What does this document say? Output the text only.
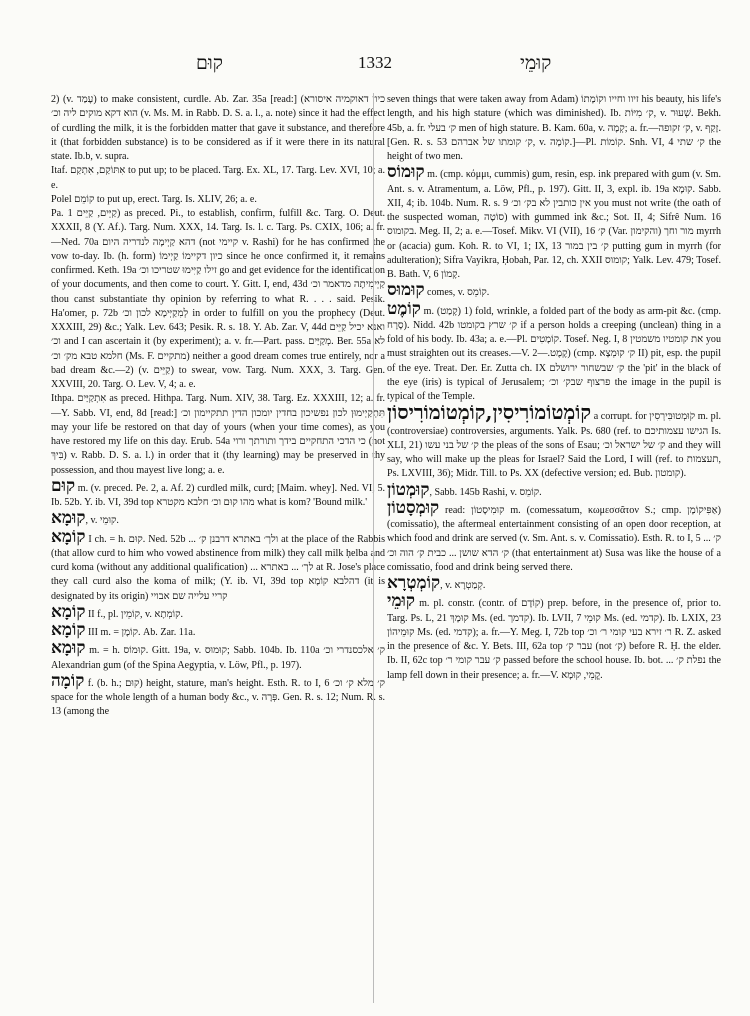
קוּם	1332	קוּמֵי

2) (v. עָמַד) to make consistent, curdle. Ab. Zar. 35a [read:] (כיון דאוקמיה איסורא הוא דקא מוקים ליה וכ׳ (v. Ms. M. in Rabb. D. S. a. l., a. note) since it had the effect of curdling the milk, it is the forbidden matter that gave it substance, and therefore it (that forbidden substance) is to be considered as if it were there in its natural state. Ib.b, v. supra.

Itaf. אִתּוֹקַם, אִתְקַם to put up; to be placed. Targ. Ex. XL, 17. Targ. Lev. XVI, 10; a. e.

Polel קוֹמֵם to put up, erect. Targ. Is. XLIV, 26; a. e.

Pa. קַיֵּים, קַיֵּים 1) as preced. Pi., to establish, confirm, fulfill &c. Targ. O. Deut. XXXII, 8 (Y. Af.). Targ. Num. XXX, 14. Targ. Is. l. c. Targ. Ps. CXIX, 106; a. fr.—Ned. 70a דהא קַיְימָה לנדריה היום (not קיימי v. Rashi) for he has confirmed the vow to-day. Ib. (h. form) כיון דקיימוֹ קַיְימוֹ since he once confirmed it, it remains confirmed. Keth. 19a זילו קַיִּימוּ שטריכו וכ׳ go and get evidence for the identification of your documents, and then come to court. Y. Gitt. I, end, 43d קַיְימִיתָה מדאמר וכ׳ thou canst substantiate thy opinion by referring to what R. . . . said. Pesik. Ha'omer, p. 72b לְמִקַיְּימָא לכון וכ׳ in order to fulfill on you the prophecy (Deut. XXXIII, 29) &c.; Yalk. Lev. 643; Pesik. R. s. 18. Y. Ab. Zar. V, 44d ואנא יכיל קַיֵּים וכ׳ and I can ascertain it (by experiment); a. v. fr.—Part. pass. מְקַיַּים. Ber. 55a לא חלמא טבא מק׳ וכ׳ (Ms. F. מתקיים) neither a good dream comes true entirely, nor a bad dream &c.—2) (v. קַיֵּים) to swear, vow. Targ. Num. XXX, 3. Targ. Gen. XXVIII, 20. Targ. O. Lev. V, 4; a. e.

Ithpa. אִתְקַיַּים as preced. Hithpa. Targ. Num. XIV, 38. Targ. Ez. XXXIII, 12; a. fr.—Y. Sabb. VI, end, 8d [read:] תִּתְקַיְימוּן לכון נפשיכון בחדין יומכון הדין תתקיימון וכ׳ may your life be restored on that day of yours (when your time comes), as you have restored my life on this day. Erub. 54a כי הדכי התחקיים בידך ותורתך ורוי (not בִּיךְ) v. Rabb. D. S. a. l.) in order that it (thy learning) may be preserved in thy possession, and thou mayest live long; a. e.

קוּם m. (v. preced. Pe. 2, a. Af. 2) curdled milk, curd; [Maim. whey]. Ned. VI, 5. Ib. 52b. Y. ib. VI, 39d top מהו קוּם וכ׳ חלבא מקטרא what is kom? 'Bound milk.'

קוּמָא, v. קוּמֵי.

קוֹמָא I ch. = h. קוּם. Ned. 52b ... ולך׳ באתרא דרבנן ק׳ at the place of the Rabbis (that allow curd to him who vowed abstinence from milk) they call milk ḥelba and curd koma (without any additional qualification) ... לך׳ ... באתרא at R. Jose's place they call curd also the koma of milk; (Y. ib. VI, 39d top דהלבא קוֹמָא (it is designated by its origin) קריי עלייה שם אבויי

קוֹמָא II f., pl. קוֹמֵין, v. קוֹמְתָא.

קוֹמָא III m. = קוֹמָן. Ab. Zar. 11a.

קוּמָא m. = h. קוּמוֹס. Gitt. 19a, v. קוּמוּס; Sabb. 104b. Ib. 110a ק׳ אלכסנדרי וכ׳ Alexandrian gum (of the Spina Aegyptia, v. Löw, Pfl., p. 197).

קוֹמָה f. (b. h.; קוּם) height, stature, man's height. Esth. R. to I, 6 ק׳ מלא ק׳ וכ׳ space for the whole length of a human body &c., v. פְּרָה. Gen. R. s. 12; Num. R. s. 13 (among the

seven things that were taken away from Adam) זיוו וחייו וקוֹמָתוֹ his beauty, his life's length, and his high stature (which was diminished). Ib. ק׳ מִיּוֹת, v. שְׁעוּר. Bekh. 45b, a. fr. ק׳ בעלי men of high stature. B. Kam. 60a, v. קְמָה; a. fr.—ק׳ זקופה, v. זָקַף. [Gen. R. s. 53 ק׳ קומתו של אברהם, v. קוֹמָה.]—Pl. קוֹמוֹת. Snh. VI, 4 ק׳ שתי the height of two men.

קוּמוֹס m. (cmp. κόμμι, cummis) gum, resin, esp. ink prepared with gum (v. Sm. Ant. s. v. Atramentum, a. Löw, Pfl., p. 197). Gitt. II, 3, expl. ib. 19a קוּמָא. Sabb. XII, 4; ib. 104b. Num. R. s. 9 אין כותבין לא בק׳ וכ׳ you must not write (the oath of the suspected woman, סוֹטָה) with gummed ink &c.; Sot. II, 4; Sifrê Num. 16 בקומוס. Meg. II, 2; a. e.—Tosef. Mikv. VI (VII), 16 ק׳ (Var. והקימון) מור וחך myrrh or (acacia) gum. Koh. R. to VI, 1; IX, 13 ק׳ בין במור putting gum in myrrh (for adulteration); Sifra Vayikra, Ḥobah, Par. 12, ch. XXII קומוס; Yalk. Lev. 479; Tosef. B. Bath. V, 6 קָמוֹן.

קוּמוּס comes, v. קוֹמֵס.

קוֹמֶט m. (קָמַט) 1) fold, wrinkle, a folded part of the body as arm-pit &c. (cmp. סָרָח). Nidd. 42b ק׳ שרץ בקומטו if a person holds a creeping (unclean) thing in a fold of his body. Ib. 43a; a. e.—Pl. קוֹמָטִים. Tosef. Neg. I, 8 את קומטיו משמטין you must straighten out its creases.—V. קֶמֶט.—2) (cmp. ק׳ קוּמְצָא II) pit, esp. the pupil of the eye. Treat. Der. Er. Zutta ch. IX ק׳ שבשחור ירושלם the 'pit' in the black of the eye (iris) is typical of Jerusalem; פרצוף שבק׳ וכ׳ the image in the pupil is typical of the Temple.

קוֹמְטוֹמוֹרִיסִין,קוֹמְטוֹמוֹרִיסוֹן a corrupt. for קֹוּמְטוּבִּירְסִין m. pl. (controversiae) controversies, arguments. Yalk. Ps. 680 (ref. to הגישו עצמותיכם Is. XLI, 21) ק׳ של בני עשו the pleas of the sons of Esau; ק׳ של ישראל וכ׳ and they will say, who will make up the pleas for Israel? Said the Lord, I will (ref. to תעצמות, Ps. LXVIII, 36); Midr. Till. to Ps. XX (defective version; ed. Bub. קומטון).

קוּמְטוֹן, Sabb. 145b Rashi, v. קוֹמֵס.

קוּמְסָטוֹן read: קוּמִיסָטוֹן m. (comessatum, κωμεσσᾶτον S.; cmp. אַפִּיקוֹמָן) (comissatio), the aftermeal entertainment consisting of an open door reception, at which food and drink are served (v. Sm. Ant. s. v. Comissatio). Esth. R. to I, 5 ק׳ ... ק׳ הדא שושן ... כבית ק׳ הוה וכ׳ (that entertainment at) Susa was like the house of a comissatio, food and drink being served there.

קוֹמְטְרָא, v. קְמַטְרָא.

קוּמֵי m. pl. constr. (contr. of קוֹדָם) prep. before, in the presence of, prior to. Targ. Ps. L, 21 קוּמָךְ Ms. (ed. קדמך). Ib. LVII, 7 קוּמֵי Ms. (ed. קדמי). Ib. LXIX, 23 קוּמֵיהוֹן Ms. (ed. קדמי); a. fr.—Y. Meg. I, 72b top ר׳ זירא בעי קומי ר׳ וכ׳ R. Z. asked in the presence of &c. Y. Bets. III, 62a top עבר ק׳ (not ק׳) before R. Ḥ. the elder. Ib. II, 62c top ק׳ עבר קומי ר׳ passed before the school house. Ib. bot. ... נפלת ק׳ the lamp fell down in their presence; a. fr.—V. קֳמֵי, קוּמָא.
